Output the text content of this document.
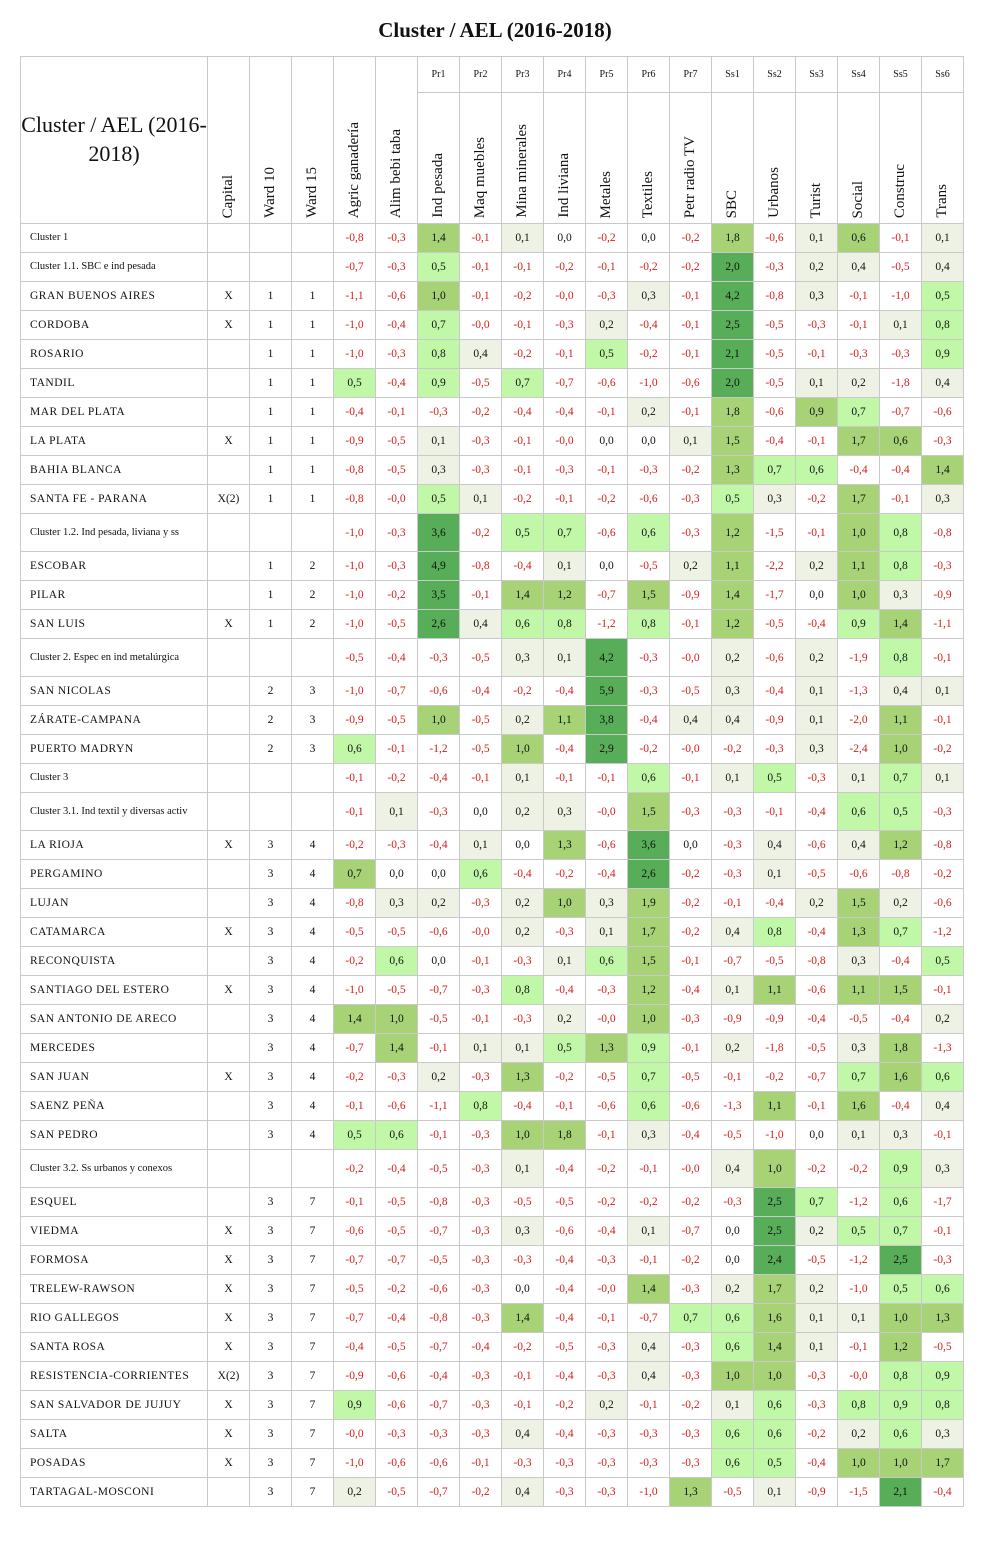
Cluster / AEL (2016-2018)
Cluster / AEL (2016-2018)	Capital	Ward 10	Ward 15	Agric ganadería	Alim bebi taba	Pr1	Pr2	Pr3	Pr4	Pr5	Pr6	Pr7	Ss1	Ss2	Ss3	Ss4	Ss5	Ss6
						Ind pesada	Maq muebles	Mina minerales	Ind liviana	Metales	Textiles	Petr radio TV	SBC	Urbanos	Turist	Social	Construc	Trans
Cluster 1				-0,8	-0,3	1,4	-0,1	0,1	0,0	-0,2	0,0	-0,2	1,8	-0,6	0,1	0,6	-0,1	0,1
Cluster 1.1. SBC e ind pesada				-0,7	-0,3	0,5	-0,1	-0,1	-0,2	-0,1	-0,2	-0,2	2,0	-0,3	0,2	0,4	-0,5	0,4
GRAN BUENOS AIRES	X	1	1	-1,1	-0,6	1,0	-0,1	-0,2	-0,0	-0,3	0,3	-0,1	4,2	-0,8	0,3	-0,1	-1,0	0,5
CORDOBA	X	1	1	-1,0	-0,4	0,7	-0,0	-0,1	-0,3	0,2	-0,4	-0,1	2,5	-0,5	-0,3	-0,1	0,1	0,8
ROSARIO		1	1	-1,0	-0,3	0,8	0,4	-0,2	-0,1	0,5	-0,2	-0,1	2,1	-0,5	-0,1	-0,3	-0,3	0,9
TANDIL		1	1	0,5	-0,4	0,9	-0,5	0,7	-0,7	-0,6	-1,0	-0,6	2,0	-0,5	0,1	0,2	-1,8	0,4
MAR DEL PLATA		1	1	-0,4	-0,1	-0,3	-0,2	-0,4	-0,4	-0,1	0,2	-0,1	1,8	-0,6	0,9	0,7	-0,7	-0,6
LA PLATA	X	1	1	-0,9	-0,5	0,1	-0,3	-0,1	-0,0	0,0	0,0	0,1	1,5	-0,4	-0,1	1,7	0,6	-0,3
BAHIA BLANCA		1	1	-0,8	-0,5	0,3	-0,3	-0,1	-0,3	-0,1	-0,3	-0,2	1,3	0,7	0,6	-0,4	-0,4	1,4
SANTA FE - PARANA	X(2)	1	1	-0,8	-0,0	0,5	0,1	-0,2	-0,1	-0,2	-0,6	-0,3	0,5	0,3	-0,2	1,7	-0,1	0,3
Cluster 1.2. Ind pesada, liviana y ss				-1,0	-0,3	3,6	-0,2	0,5	0,7	-0,6	0,6	-0,3	1,2	-1,5	-0,1	1,0	0,8	-0,8
ESCOBAR		1	2	-1,0	-0,3	4,9	-0,8	-0,4	0,1	0,0	-0,5	0,2	1,1	-2,2	0,2	1,1	0,8	-0,3
PILAR		1	2	-1,0	-0,2	3,5	-0,1	1,4	1,2	-0,7	1,5	-0,9	1,4	-1,7	0,0	1,0	0,3	-0,9
SAN LUIS	X	1	2	-1,0	-0,5	2,6	0,4	0,6	0,8	-1,2	0,8	-0,1	1,2	-0,5	-0,4	0,9	1,4	-1,1
Cluster 2. Espec en ind metalúrgica				-0,5	-0,4	-0,3	-0,5	0,3	0,1	4,2	-0,3	-0,0	0,2	-0,6	0,2	-1,9	0,8	-0,1
SAN NICOLAS		2	3	-1,0	-0,7	-0,6	-0,4	-0,2	-0,4	5,9	-0,3	-0,5	0,3	-0,4	0,1	-1,3	0,4	0,1
ZÁRATE-CAMPANA		2	3	-0,9	-0,5	1,0	-0,5	0,2	1,1	3,8	-0,4	0,4	0,4	-0,9	0,1	-2,0	1,1	-0,1
PUERTO MADRYN		2	3	0,6	-0,1	-1,2	-0,5	1,0	-0,4	2,9	-0,2	-0,0	-0,2	-0,3	0,3	-2,4	1,0	-0,2
Cluster 3				-0,1	-0,2	-0,4	-0,1	0,1	-0,1	-0,1	0,6	-0,1	0,1	0,5	-0,3	0,1	0,7	0,1
Cluster 3.1. Ind textil y diversas activ				-0,1	0,1	-0,3	0,0	0,2	0,3	-0,0	1,5	-0,3	-0,3	-0,1	-0,4	0,6	0,5	-0,3
LA RIOJA	X	3	4	-0,2	-0,3	-0,4	0,1	0,0	1,3	-0,6	3,6	0,0	-0,3	0,4	-0,6	0,4	1,2	-0,8
PERGAMINO		3	4	0,7	0,0	0,0	0,6	-0,4	-0,2	-0,4	2,6	-0,2	-0,3	0,1	-0,5	-0,6	-0,8	-0,2
LUJAN		3	4	-0,8	0,3	0,2	-0,3	0,2	1,0	0,3	1,9	-0,2	-0,1	-0,4	0,2	1,5	0,2	-0,6
CATAMARCA	X	3	4	-0,5	-0,5	-0,6	-0,0	0,2	-0,3	0,1	1,7	-0,2	0,4	0,8	-0,4	1,3	0,7	-1,2
RECONQUISTA		3	4	-0,2	0,6	0,0	-0,1	-0,3	0,1	0,6	1,5	-0,1	-0,7	-0,5	-0,8	0,3	-0,4	0,5
SANTIAGO DEL ESTERO	X	3	4	-1,0	-0,5	-0,7	-0,3	0,8	-0,4	-0,3	1,2	-0,4	0,1	1,1	-0,6	1,1	1,5	-0,1
SAN ANTONIO DE ARECO		3	4	1,4	1,0	-0,5	-0,1	-0,3	0,2	-0,0	1,0	-0,3	-0,9	-0,9	-0,4	-0,5	-0,4	0,2
MERCEDES		3	4	-0,7	1,4	-0,1	0,1	0,1	0,5	1,3	0,9	-0,1	0,2	-1,8	-0,5	0,3	1,8	-1,3
SAN JUAN	X	3	4	-0,2	-0,3	0,2	-0,3	1,3	-0,2	-0,5	0,7	-0,5	-0,1	-0,2	-0,7	0,7	1,6	0,6
SAENZ PEÑA		3	4	-0,1	-0,6	-1,1	0,8	-0,4	-0,1	-0,6	0,6	-0,6	-1,3	1,1	-0,1	1,6	-0,4	0,4
SAN PEDRO		3	4	0,5	0,6	-0,1	-0,3	1,0	1,8	-0,1	0,3	-0,4	-0,5	-1,0	0,0	0,1	0,3	-0,1
Cluster 3.2. Ss urbanos y conexos				-0,2	-0,4	-0,5	-0,3	0,1	-0,4	-0,2	-0,1	-0,0	0,4	1,0	-0,2	-0,2	0,9	0,3
ESQUEL		3	7	-0,1	-0,5	-0,8	-0,3	-0,5	-0,5	-0,2	-0,2	-0,2	-0,3	2,5	0,7	-1,2	0,6	-1,7
VIEDMA	X	3	7	-0,6	-0,5	-0,7	-0,3	0,3	-0,6	-0,4	0,1	-0,7	0,0	2,5	0,2	0,5	0,7	-0,1
FORMOSA	X	3	7	-0,7	-0,7	-0,5	-0,3	-0,3	-0,4	-0,3	-0,1	-0,2	0,0	2,4	-0,5	-1,2	2,5	-0,3
TRELEW-RAWSON	X	3	7	-0,5	-0,2	-0,6	-0,3	0,0	-0,4	-0,0	1,4	-0,3	0,2	1,7	0,2	-1,0	0,5	0,6
RIO GALLEGOS	X	3	7	-0,7	-0,4	-0,8	-0,3	1,4	-0,4	-0,1	-0,7	0,7	0,6	1,6	0,1	0,1	1,0	1,3
SANTA ROSA	X	3	7	-0,4	-0,5	-0,7	-0,4	-0,2	-0,5	-0,3	0,4	-0,3	0,6	1,4	0,1	-0,1	1,2	-0,5
RESISTENCIA-CORRIENTES	X(2)	3	7	-0,9	-0,6	-0,4	-0,3	-0,1	-0,4	-0,3	0,4	-0,3	1,0	1,0	-0,3	-0,0	0,8	0,9
SAN SALVADOR DE JUJUY	X	3	7	0,9	-0,6	-0,7	-0,3	-0,1	-0,2	0,2	-0,1	-0,2	0,1	0,6	-0,3	0,8	0,9	0,8
SALTA	X	3	7	-0,0	-0,3	-0,3	-0,3	0,4	-0,4	-0,3	-0,3	-0,3	0,6	0,6	-0,2	0,2	0,6	0,3
POSADAS	X	3	7	-1,0	-0,6	-0,6	-0,1	-0,3	-0,3	-0,3	-0,3	-0,3	0,6	0,5	-0,4	1,0	1,0	1,7
TARTAGAL-MOSCONI		3	7	0,2	-0,5	-0,7	-0,2	0,4	-0,3	-0,3	-1,0	1,3	-0,5	0,1	-0,9	-1,5	2,1	-0,4
